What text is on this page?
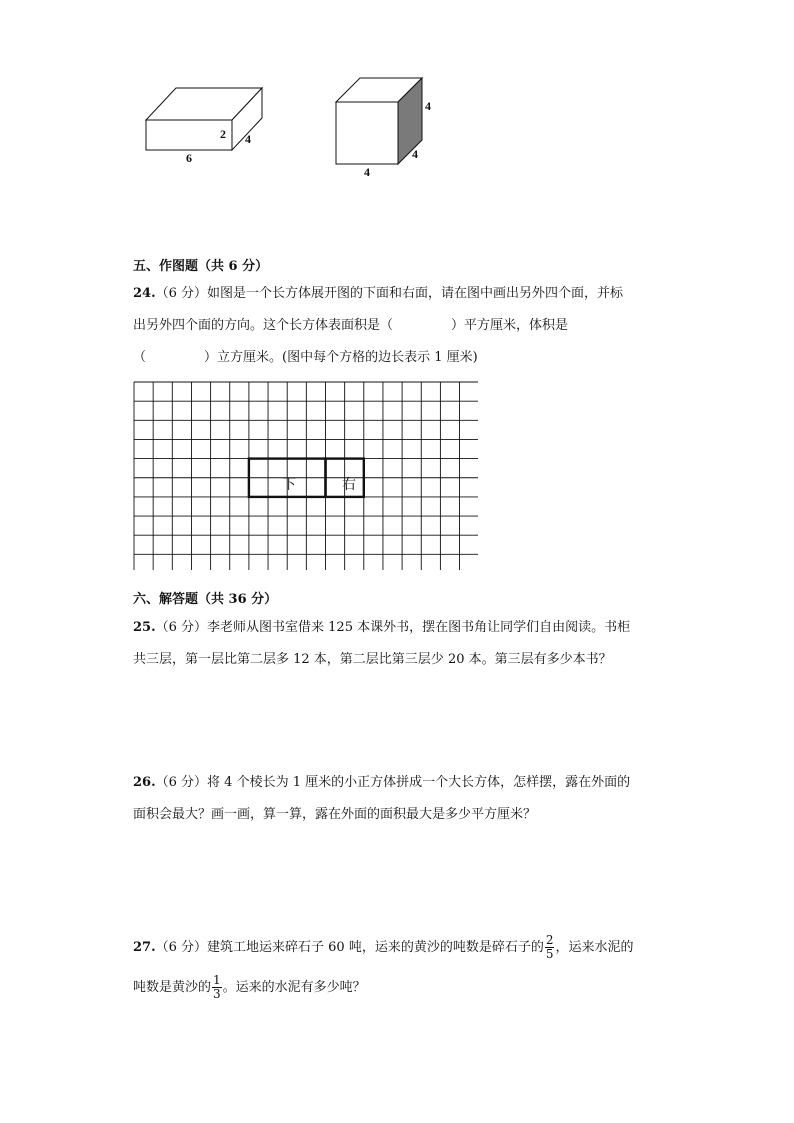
2 4
6
4
4
4
五、作图题（共 6 分）
24.（6 分）如图是一个长方体展开图的下面和右面，请在图中画出另外四个面，并标
出另外四个面的方向。这个长方体表面积是（	）平方厘米，体积是
（	）立方厘米。(图中每个方格的边长表示 1 厘米)
下	右
六、解答题（共 36 分）
25.（6 分）李老师从图书室借来 125 本课外书，摆在图书角让同学们自由阅读。书柜
共三层，第一层比第二层多 12 本，第二层比第三层少 20 本。第三层有多少本书？
26.（6 分）将 4 个棱长为 1 厘米的小正方体拼成一个大长方体，怎样摆，露在外面的
面积会最大？画一画，算一算，露在外面的面积最大是多少平方厘米？
27.（6 分）建筑工地运来碎石子 60 吨，运来的黄沙的吨数是碎石子的 $\frac{2}{5}$ ，运来水泥的
吨数是黄沙的 $\frac{1}{3}$ 。运来的水泥有多少吨？
